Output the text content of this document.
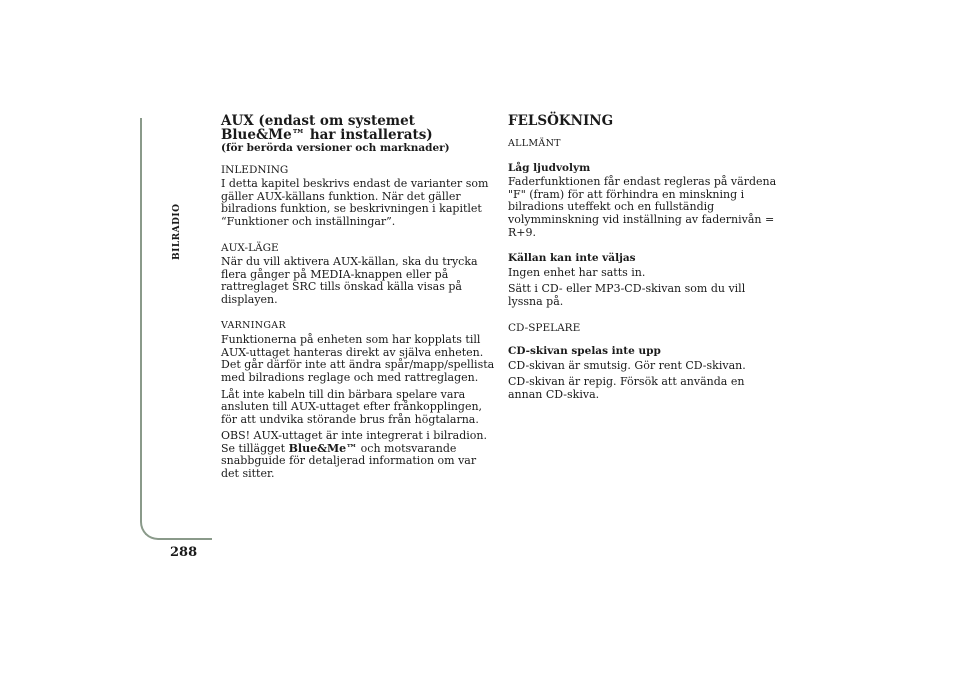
BILRADIO
288
AUX (endast om systemet Blue&Me™ har installerats)
(för berörda versioner och marknader)
INLEDNING

I detta kapitel beskrivs endast de varianter som gäller AUX-källans funktion. När det gäller bilradions funktion, se beskrivningen i kapitlet “Funktioner och inställningar”.

AUX-LÄGE

När du vill aktivera AUX-källan, ska du trycka flera gånger på MEDIA-knappen eller på rattreglaget SRC tills önskad källa visas på displayen.

VARNINGAR

Funktionerna på enheten som har kopplats till AUX-uttaget hanteras direkt av själva enheten. Det går därför inte att ändra spår/mapp/spellista med bilradions reglage och med rattreglagen.

Låt inte kabeln till din bärbara spelare vara ansluten till AUX-uttaget efter frånkopplingen, för att undvika störande brus från högtalarna.

OBS! AUX-uttaget är inte integrerat i bilradion. Se tillägget Blue&Me™ och motsvarande snabbguide för detaljerad information om var det sitter.

FELSÖKNING
ALLMÄNT
Låg ljudvolym

Faderfunktionen får endast regleras på värdena "F" (fram) för att förhindra en minskning i bilradions uteffekt och en fullständig volymminskning vid inställning av fadernivån = R+9.

Källan kan inte väljas

Ingen enhet har satts in.

Sätt i CD- eller MP3-CD-skivan som du vill lyssna på.

CD-SPELARE
CD-skivan spelas inte upp

CD-skivan är smutsig. Gör rent CD-skivan.

CD-skivan är repig. Försök att använda en annan CD-skiva.
